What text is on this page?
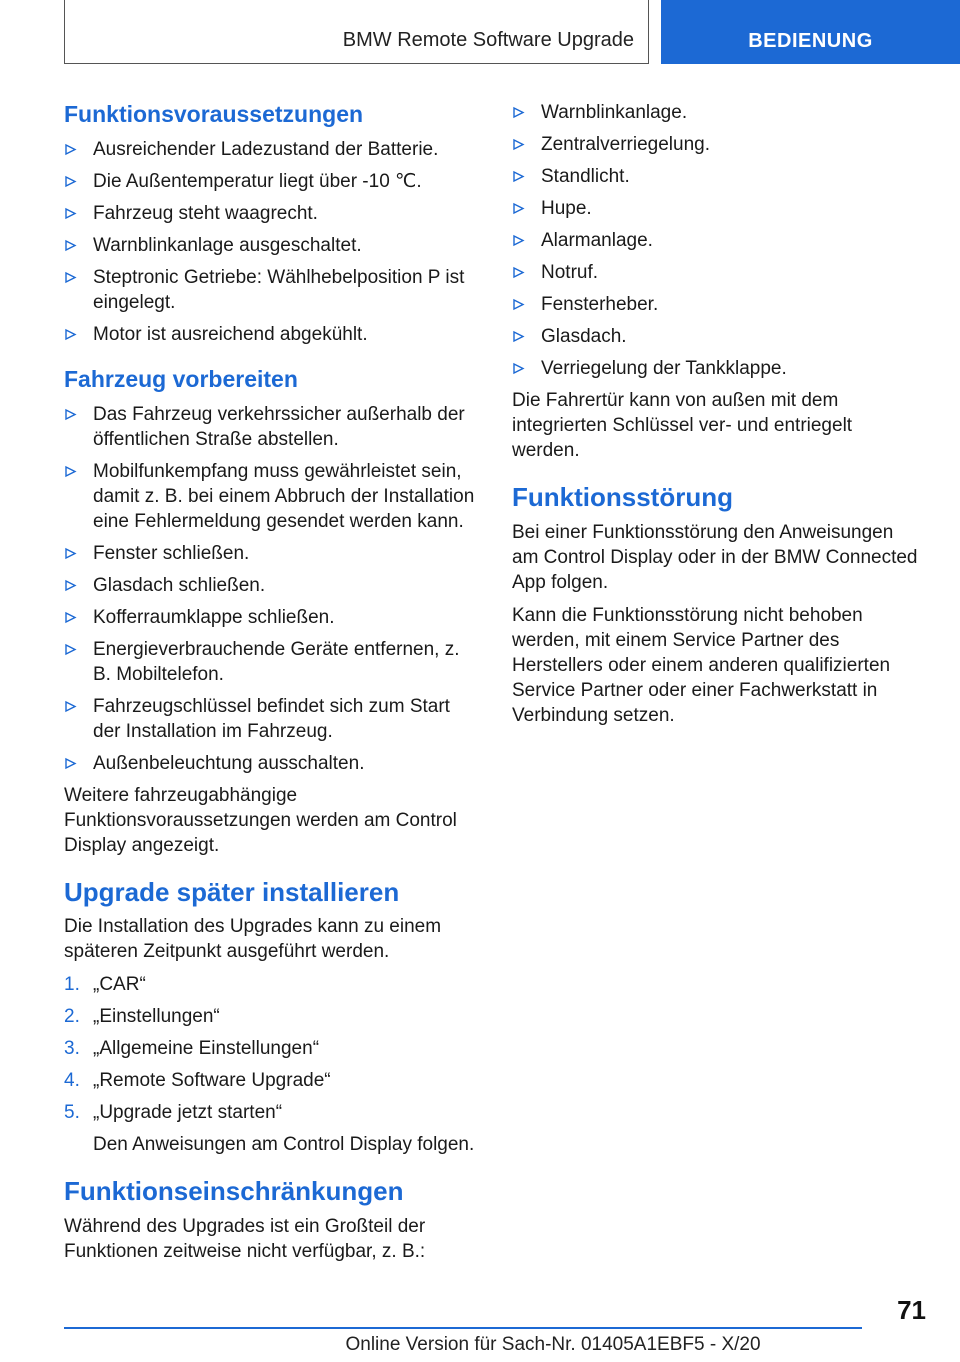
BMW Remote Software Upgrade	BEDIENUNG
Funktionsvoraussetzungen
Ausreichender Ladezustand der Batterie.
Die Außentemperatur liegt über -10 ℃.
Fahrzeug steht waagrecht.
Warnblinkanlage ausgeschaltet.
Steptronic Getriebe: Wählhebelposition P ist eingelegt.
Motor ist ausreichend abgekühlt.
Fahrzeug vorbereiten
Das Fahrzeug verkehrssicher außerhalb der öffentlichen Straße abstellen.
Mobilfunkempfang muss gewährleistet sein, damit z. B. bei einem Abbruch der Installation eine Fehlermeldung gesendet werden kann.
Fenster schließen.
Glasdach schließen.
Kofferraumklappe schließen.
Energieverbrauchende Geräte entfernen, z. B. Mobiltelefon.
Fahrzeugschlüssel befindet sich zum Start der Installation im Fahrzeug.
Außenbeleuchtung ausschalten.

Weitere fahrzeugabhängige Funktionsvoraussetzungen werden am Control Display angezeigt.

Upgrade später installieren

Die Installation des Upgrades kann zu einem späteren Zeitpunkt ausgeführt werden.

1. „CAR“
2. „Einstellungen“
3. „Allgemeine Einstellungen“
4. „Remote Software Upgrade“
5. „Upgrade jetzt starten“
Den Anweisungen am Control Display folgen.
Funktionseinschränkungen

Während des Upgrades ist ein Großteil der Funktionen zeitweise nicht verfügbar, z. B.:

Warnblinkanlage.
Zentralverriegelung.
Standlicht.
Hupe.
Alarmanlage.
Notruf.
Fensterheber.
Glasdach.
Verriegelung der Tankklappe.

Die Fahrertür kann von außen mit dem integrierten Schlüssel ver- und entriegelt werden.

Funktionsstörung

Bei einer Funktionsstörung den Anweisungen am Control Display oder in der BMW Connected App folgen.

Kann die Funktionsstörung nicht behoben werden, mit einem Service Partner des Herstellers oder einem anderen qualifizierten Service Partner oder einer Fachwerkstatt in Verbindung setzen.

71
Online Version für Sach-Nr. 01405A1EBF5 - X/20
